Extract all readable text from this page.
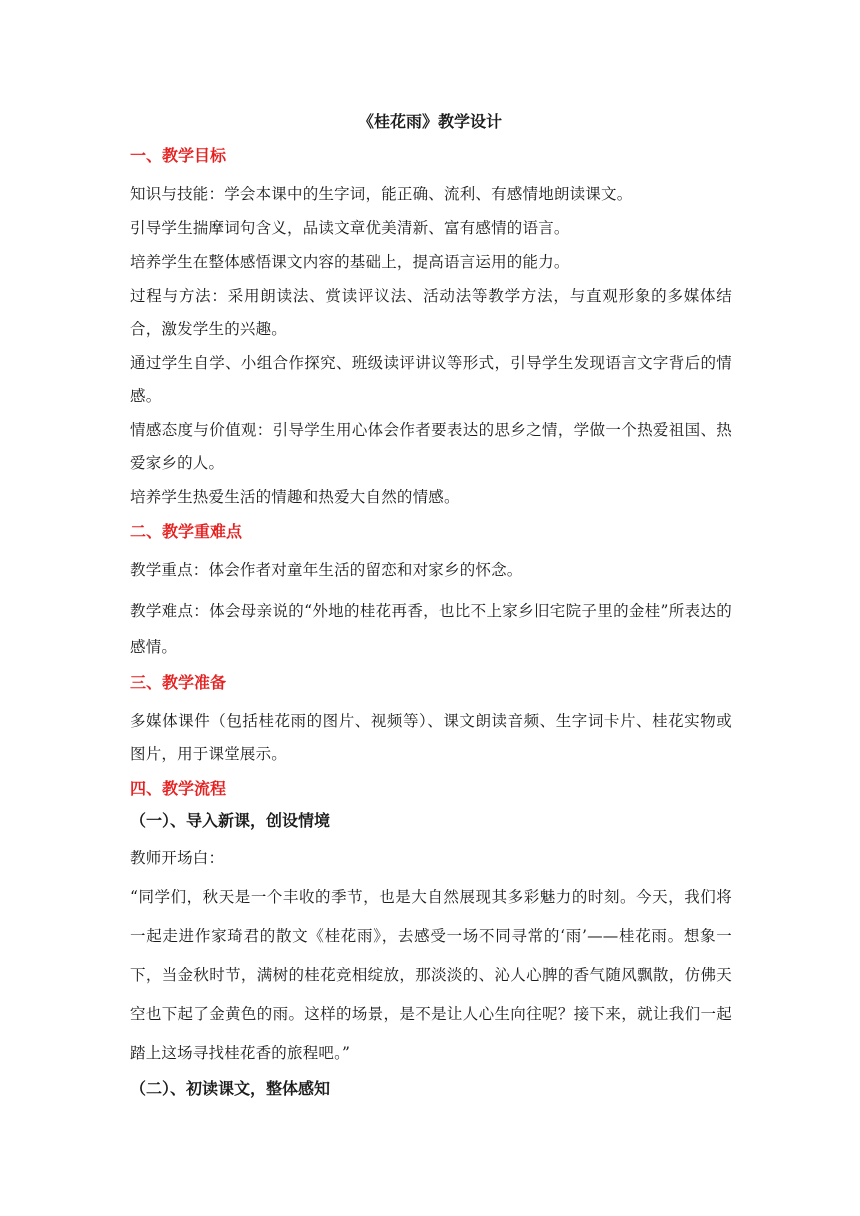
《桂花雨》教学设计
一、教学目标
知识与技能：学会本课中的生字词，能正确、流利、有感情地朗读课文。
引导学生揣摩词句含义，品读文章优美清新、富有感情的语言。
培养学生在整体感悟课文内容的基础上，提高语言运用的能力。
过程与方法：采用朗读法、赏读评议法、活动法等教学方法，与直观形象的多媒体结合，激发学生的兴趣。
通过学生自学、小组合作探究、班级读评讲议等形式，引导学生发现语言文字背后的情感。
情感态度与价值观：引导学生用心体会作者要表达的思乡之情，学做一个热爱祖国、热爱家乡的人。
培养学生热爱生活的情趣和热爱大自然的情感。
二、教学重难点
教学重点：体会作者对童年生活的留恋和对家乡的怀念。
教学难点：体会母亲说的“外地的桂花再香，也比不上家乡旧宅院子里的金桂”所表达的感情。
三、教学准备
多媒体课件（包括桂花雨的图片、视频等）、课文朗读音频、生字词卡片、桂花实物或图片，用于课堂展示。
四、教学流程
（一）、导入新课，创设情境
教师开场白：
“同学们，秋天是一个丰收的季节，也是大自然展现其多彩魅力的时刻。今天，我们将一起走进作家琦君的散文《桂花雨》，去感受一场不同寻常的‘雨’——桂花雨。想象一下，当金秋时节，满树的桂花竞相绽放，那淡淡的、沁人心脾的香气随风飘散，仿佛天空也下起了金黄色的雨。这样的场景，是不是让人心生向往呢？接下来，就让我们一起踏上这场寻找桂花香的旅程吧。”
（二）、初读课文，整体感知
